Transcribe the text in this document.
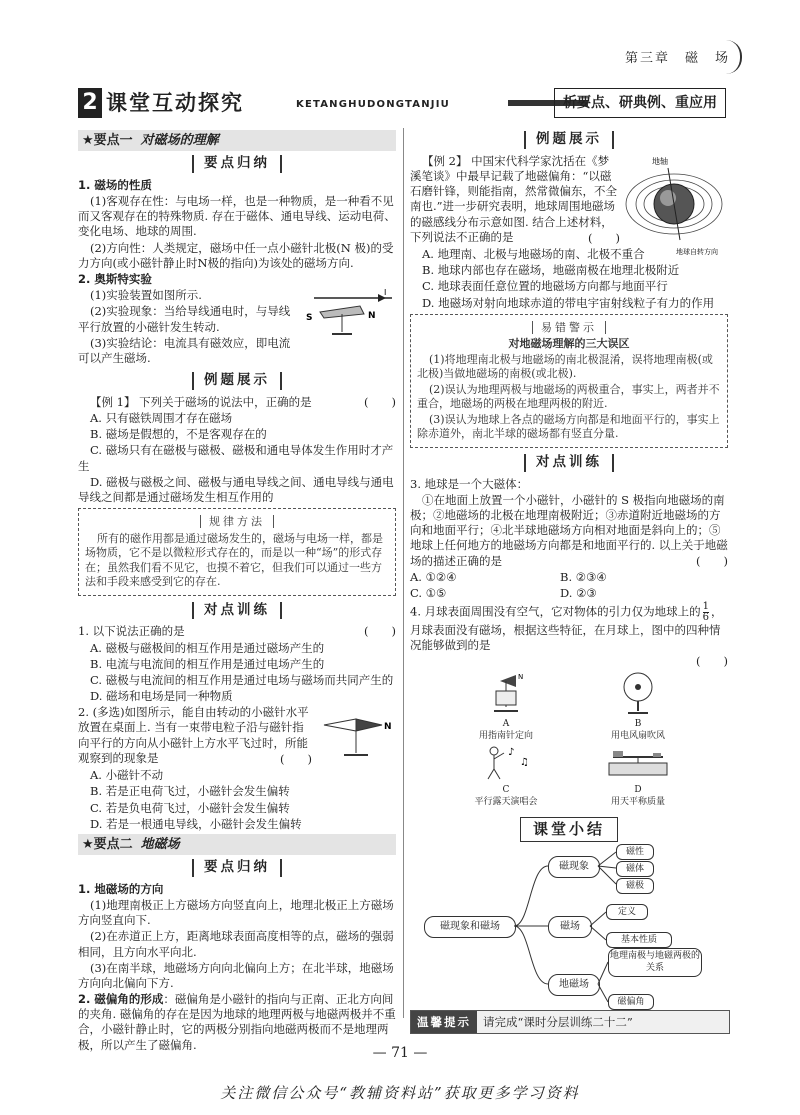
第三章　磁　场
2 课堂互动探究	KETANGHUDONGTANJIU	析要点、研典例、重应用
★要点一 对磁场的理解
要点归纳

1. 磁场的性质

(1)客观存在性：与电场一样，也是一种物质，是一种看不见而又客观存在的特殊物质. 存在于磁体、通电导线、运动电荷、变化电场、地球的周围.

(2)方向性：人类规定，磁场中任一点小磁针北极(N 极)的受力方向(或小磁针静止时N极的指向)为该处的磁场方向.

2. 奥斯特实验

I
S	N

(1)实验装置如图所示.

(2)实验现象：当给导线通电时，与导线平行放置的小磁针发生转动.

(3)实验结论：电流具有磁效应，即电流可以产生磁场.

例题展示

【例 1】 下列关于磁场的说法中，正确的是	(　　)

A. 只有磁铁周围才存在磁场

B. 磁场是假想的，不是客观存在的

C. 磁场只有在磁极与磁极、磁极和通电导体发生作用时才产生

D. 磁极与磁极之间、磁极与通电导线之间、通电导线与通电导线之间都是通过磁场发生相互作用的

规律方法

所有的磁作用都是通过磁场发生的，磁场与电场一样，都是场物质，它不是以微粒形式存在的，而是以一种“场”的形式存在；虽然我们看不见它，也摸不着它，但我们可以通过一些方法和手段来感受到它的存在.

对点训练

1. 以下说法正确的是	(　　)

A. 磁极与磁极间的相互作用是通过磁场产生的

B. 电流与电流间的相互作用是通过电场产生的

C. 磁极与电流间的相互作用是通过电场与磁场而共同产生的

D. 磁场和电场是同一种物质

N

2. (多选)如图所示，能自由转动的小磁针水平放置在桌面上. 当有一束带电粒子沿与磁针指向平行的方向从小磁针上方水平飞过时，所能观察到的现象是	(　　)

A. 小磁针不动

B. 若是正电荷飞过，小磁针会发生偏转

C. 若是负电荷飞过，小磁针会发生偏转

D. 若是一根通电导线，小磁针会发生偏转

★要点二 地磁场
要点归纳

1. 地磁场的方向

(1)地理南极正上方磁场方向竖直向上，地理北极正上方磁场方向竖直向下.

(2)在赤道正上方，距离地球表面高度相等的点，磁场的强弱相同，且方向水平向北.

(3)在南半球，地磁场方向向北偏向上方；在北半球，地磁场方向向北偏向下方.

2. 磁偏角的形成：磁偏角是小磁针的指向与正南、正北方向间的夹角. 磁偏角的存在是因为地球的地理两极与地磁两极并不重合，小磁针静止时，它的两极分别指向地磁两极而不是地理两极，所以产生了磁偏角.

例题展示
地轴
地球自转方向

【例 2】 中国宋代科学家沈括在《梦溪笔谈》中最早记载了地磁偏角：“以磁石磨针锋，则能指南，然常微偏东，不全南也.”进一步研究表明，地球周围地磁场的磁感线分布示意如图. 结合上述材料，下列说法不正确的是	(　　)

A. 地理南、北极与地磁场的南、北极不重合

B. 地球内部也存在磁场，地磁南极在地理北极附近

C. 地球表面任意位置的地磁场方向都与地面平行

D. 地磁场对射向地球赤道的带电宇宙射线粒子有力的作用

易错警示

对地磁场理解的三大误区

(1)将地理南北极与地磁场的南北极混淆，误将地理南极(或北极)当做地磁场的南极(或北极).

(2)误认为地理两极与地磁场的两极重合，事实上，两者并不重合，地磁场的两极在地理两极的附近.

(3)误认为地球上各点的磁场方向都是和地面平行的，事实上除赤道外，南北半球的磁场都有竖直分量.

对点训练

3. 地球是一个大磁体：

①在地面上放置一个小磁针，小磁针的 S 极指向地磁场的南极；②地磁场的北极在地理南极附近；③赤道附近地磁场的方向和地面平行；④北半球地磁场方向相对地面是斜向上的；⑤地球上任何地方的地磁场方向都是和地面平行的. 以上关于地磁场的描述正确的是	(　　)

A. ①②④	B. ②③④

C. ①⑤	D. ②③

4. 月球表面周围没有空气，它对物体的引力仅为地球上的 $\frac{1}{6}$ ，月球表面没有磁场，根据这些特征，在月球上，图中的四种情况能够做到的是

(　　)

N
A
用指南针定向
B
用电风扇吹风
♪
♫
C
平行露天演唱会
D
用天平称质量
课堂小结
磁现象和磁场
磁现象
磁性
磁体
磁极
磁场
定义
基本性质
地磁场
地理南极与地磁两极的关系
磁偏角
温馨提示 请完成“课时分层训练二十二”
— 71 —
关注微信公众号“教辅资料站”获取更多学习资料
